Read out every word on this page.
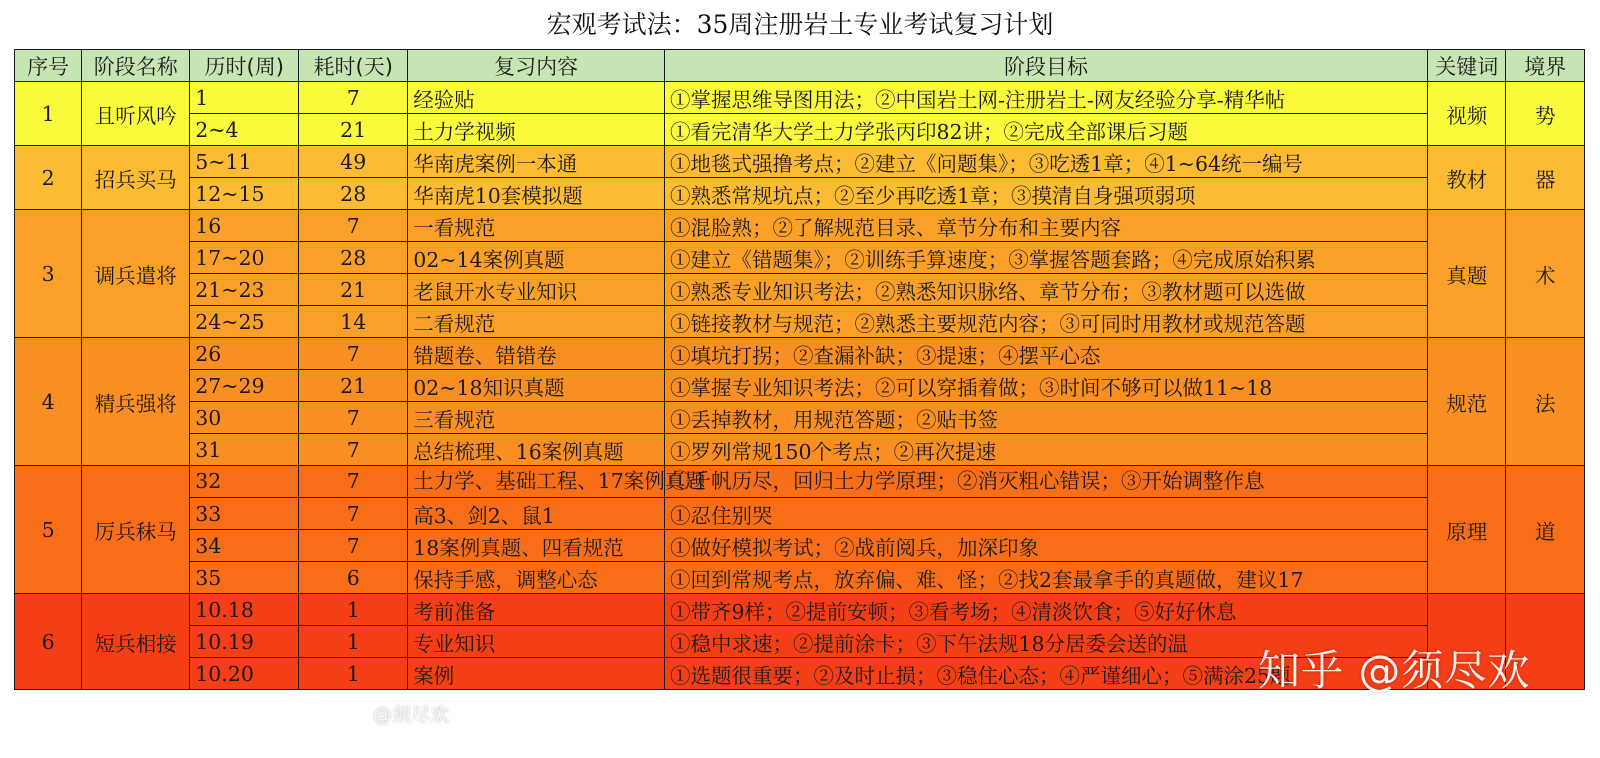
宏观考试法：35周注册岩土专业考试复习计划
序号	阶段名称	历时(周)	耗时(天)	复习内容	阶段目标	关键词	境界
1	且听风吟	1	7	经验贴	①掌握思维导图用法；②中国岩土网-注册岩土-网友经验分享-精华帖	视频	势
		2~4	21	土力学视频	①看完清华大学土力学张丙印82讲；②完成全部课后习题		
2	招兵买马	5~11	49	华南虎案例一本通	①地毯式强撸考点；②建立《问题集》；③吃透1章；④1~64统一编号	教材	器
		12~15	28	华南虎10套模拟题	①熟悉常规坑点；②至少再吃透1章；③摸清自身强项弱项		
3	调兵遣将	16	7	一看规范	①混脸熟；②了解规范目录、章节分布和主要内容	真题	术
		17~20	28	02~14案例真题	①建立《错题集》；②训练手算速度；③掌握答题套路；④完成原始积累		
		21~23	21	老鼠开水专业知识	①熟悉专业知识考法；②熟悉知识脉络、章节分布；③教材题可以选做		
		24~25	14	二看规范	①链接教材与规范；②熟悉主要规范内容；③可同时用教材或规范答题		
4	精兵强将	26	7	错题卷、错错卷	①填坑打拐；②查漏补缺；③提速；④摆平心态	规范	法
		27~29	21	02~18知识真题	①掌握专业知识考法；②可以穿插着做；③时间不够可以做11~18		
		30	7	三看规范	①丢掉教材，用规范答题；②贴书签		
		31	7	总结梳理、16案例真题	①罗列常规150个考点；②再次提速		
5	厉兵秣马	32	7	土力学、基础工程、17案例真题	①千帆历尽，回归土力学原理；②消灭粗心错误；③开始调整作息	原理	道
		33	7	高3、剑2、鼠1	①忍住别哭		
		34	7	18案例真题、四看规范	①做好模拟考试；②战前阅兵，加深印象		
		35	6	保持手感，调整心态	①回到常规考点，放弃偏、难、怪；②找2套最拿手的真题做，建议17		
6	短兵相接	10.18	1	考前准备	①带齐9样；②提前安顿；③看考场；④清淡饮食；⑤好好休息		
		10.19	1	专业知识	①稳中求速；②提前涂卡；③下午法规18分居委会送的温		
		10.20	1	案例	①选题很重要；②及时止损；③稳住心态；④严谨细心；⑤满涂25题		
@须尽欢
知乎 @须尽欢
